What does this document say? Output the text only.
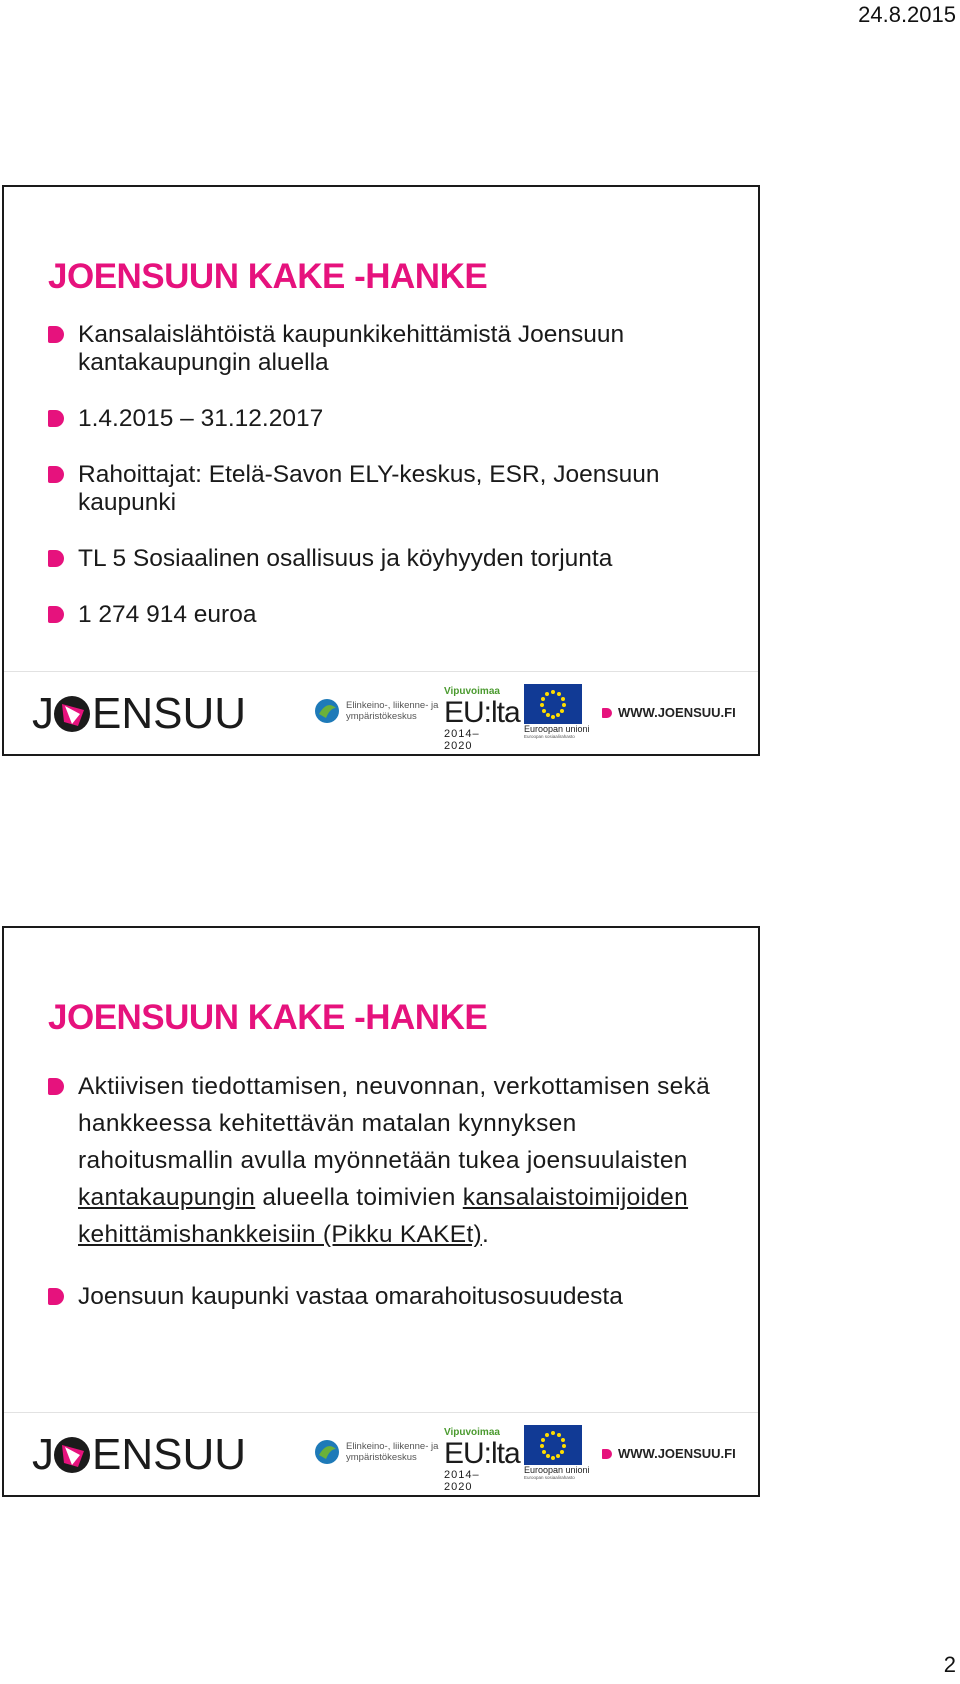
24.8.2015
JOENSUUN KAKE -HANKE
Kansalaislähtöistä kaupunkikehittämistä Joensuun kantakaupungin aluella
1.4.2015 – 31.12.2017
Rahoittajat: Etelä-Savon ELY-keskus, ESR, Joensuun kaupunki
TL 5 Sosiaalinen osallisuus ja köyhyyden torjunta
1 274 914 euroa
J ENSUU	Elinkeino-, liikenne- ja
ympäristökeskus
Vipuvoimaa
EU:lta
2014–2020
Euroopan unioni
Euroopan sosiaalirahasto
WWW.JOENSUU.FI
JOENSUUN KAKE -HANKE
Aktiivisen tiedottamisen, neuvonnan, verkottamisen sekä hankkeessa kehitettävän matalan kynnyksen rahoitusmallin avulla myönnetään tukea joensuulaisten kantakaupungin alueella toimivien kansalaistoimijoiden kehittämishankkeisiin (Pikku KAKEt).
Joensuun kaupunki vastaa omarahoitusosuudesta
J ENSUU	Elinkeino-, liikenne- ja
ympäristökeskus
Vipuvoimaa
EU:lta
2014–2020
Euroopan unioni
Euroopan sosiaalirahasto
WWW.JOENSUU.FI
2
